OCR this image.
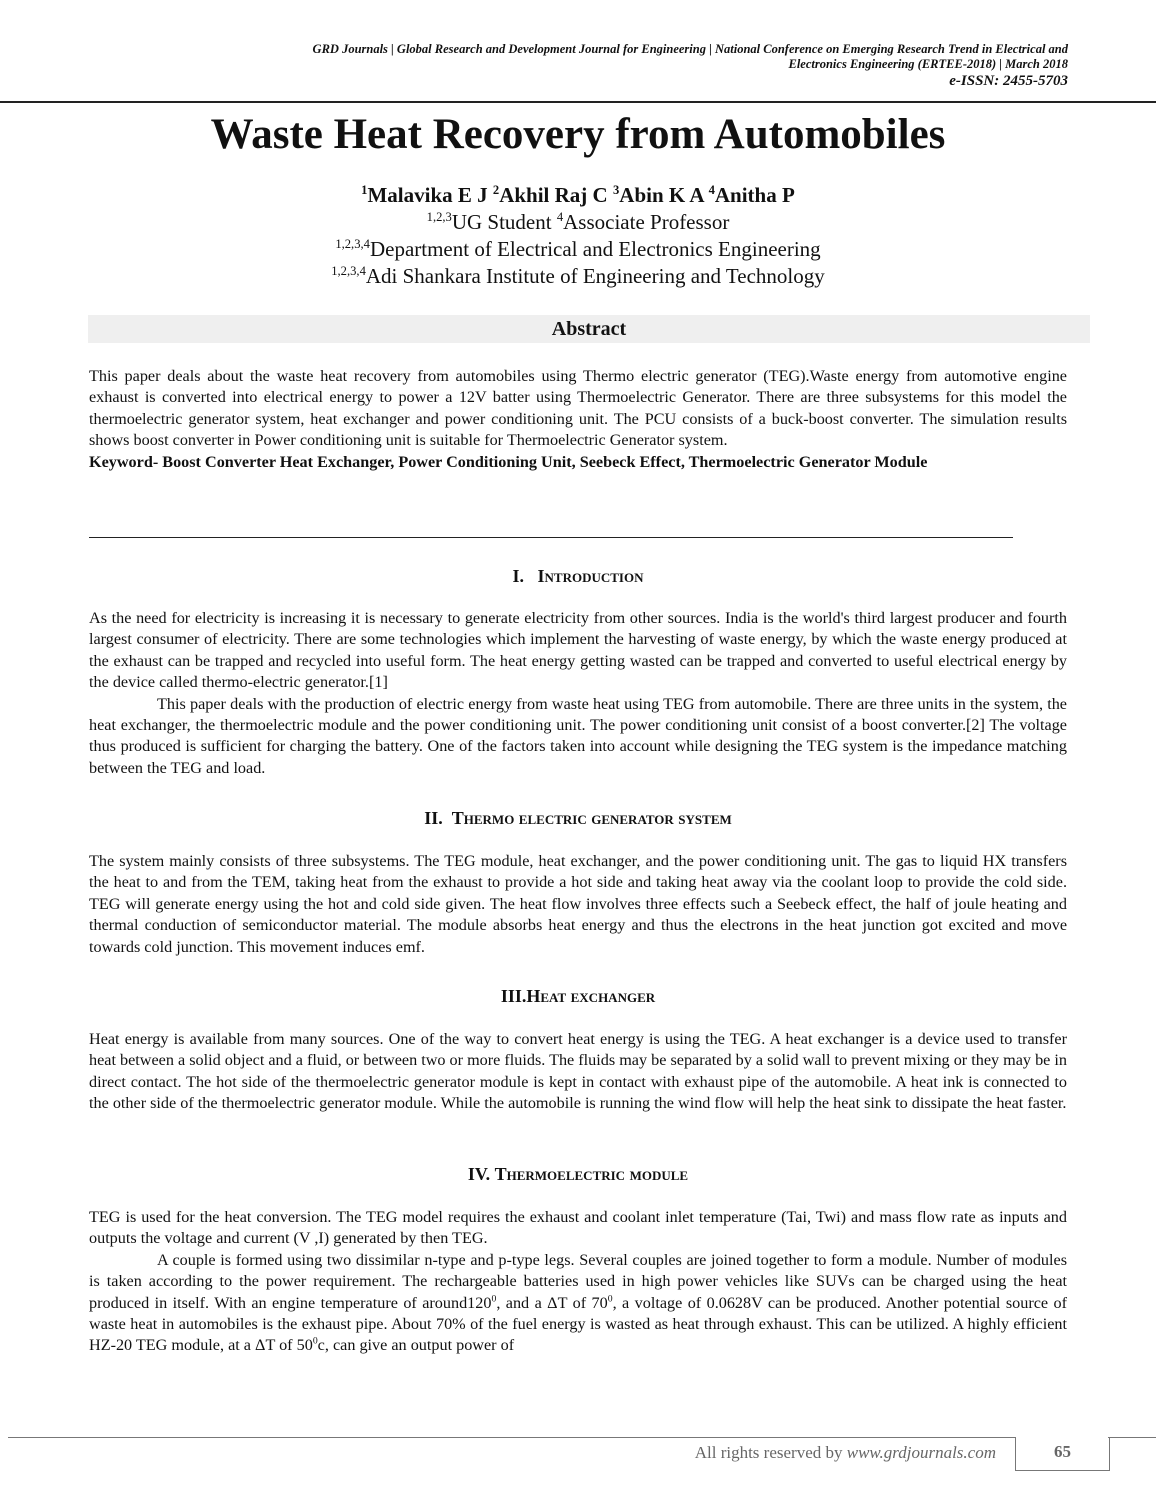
GRD Journals | Global Research and Development Journal for Engineering | National Conference on Emerging Research Trend in Electrical and
Electronics Engineering (ERTEE-2018) | March 2018
e-ISSN: 2455-5703
Waste Heat Recovery from Automobiles
$^1$Malavika E J $^2$Akhil Raj C $^3$Abin K A $^4$Anitha P
$^{1,2,3}$UG Student $^4$Associate Professor
$^{1,2,3,4}$Department of Electrical and Electronics Engineering
$^{1,2,3,4}$Adi Shankara Institute of Engineering and Technology
Abstract

This paper deals about the waste heat recovery from automobiles using Thermo electric generator (TEG).Waste energy from automotive engine exhaust is converted into electrical energy to power a 12V batter using Thermoelectric Generator. There are three subsystems for this model the thermoelectric generator system, heat exchanger and power conditioning unit. The PCU consists of a buck-boost converter. The simulation results shows boost converter in Power conditioning unit is suitable for Thermoelectric Generator system.

Keyword- Boost Converter Heat Exchanger, Power Conditioning Unit, Seebeck Effect, Thermoelectric Generator Module

I. Introduction

As the need for electricity is increasing it is necessary to generate electricity from other sources. India is the world's third largest producer and fourth largest consumer of electricity. There are some technologies which implement the harvesting of waste energy, by which the waste energy produced at the exhaust can be trapped and recycled into useful form. The heat energy getting wasted can be trapped and converted to useful electrical energy by the device called thermo-electric generator.[1]

This paper deals with the production of electric energy from waste heat using TEG from automobile. There are three units in the system, the heat exchanger, the thermoelectric module and the power conditioning unit. The power conditioning unit consist of a boost converter.[2] The voltage thus produced is sufficient for charging the battery. One of the factors taken into account while designing the TEG system is the impedance matching between the TEG and load.

II. Thermo electric generator system

The system mainly consists of three subsystems. The TEG module, heat exchanger, and the power conditioning unit. The gas to liquid HX transfers the heat to and from the TEM, taking heat from the exhaust to provide a hot side and taking heat away via the coolant loop to provide the cold side. TEG will generate energy using the hot and cold side given. The heat flow involves three effects such a Seebeck effect, the half of joule heating and thermal conduction of semiconductor material. The module absorbs heat energy and thus the electrons in the heat junction got excited and move towards cold junction. This movement induces emf.

III.Heat exchanger

Heat energy is available from many sources. One of the way to convert heat energy is using the TEG. A heat exchanger is a device used to transfer heat between a solid object and a fluid, or between two or more fluids. The fluids may be separated by a solid wall to prevent mixing or they may be in direct contact. The hot side of the thermoelectric generator module is kept in contact with exhaust pipe of the automobile. A heat ink is connected to the other side of the thermoelectric generator module. While the automobile is running the wind flow will help the heat sink to dissipate the heat faster.

IV. Thermoelectric module

TEG is used for the heat conversion. The TEG model requires the exhaust and coolant inlet temperature (Tai, Twi) and mass flow rate as inputs and outputs the voltage and current (V ,I) generated by then TEG.

A couple is formed using two dissimilar n-type and p-type legs. Several couples are joined together to form a module. Number of modules is taken according to the power requirement. The rechargeable batteries used in high power vehicles like SUVs can be charged using the heat produced in itself. With an engine temperature of $around120^0$, and a ΔT of $70^0$, a voltage of 0.0628V can be produced. Another potential source of waste heat in automobiles is the exhaust pipe. About 70% of the fuel energy is wasted as heat through exhaust. This can be utilized. A highly efficient HZ-20 TEG module, at a ΔT of $50^0c$, can give an output power of

All rights reserved by www.grdjournals.com	65
